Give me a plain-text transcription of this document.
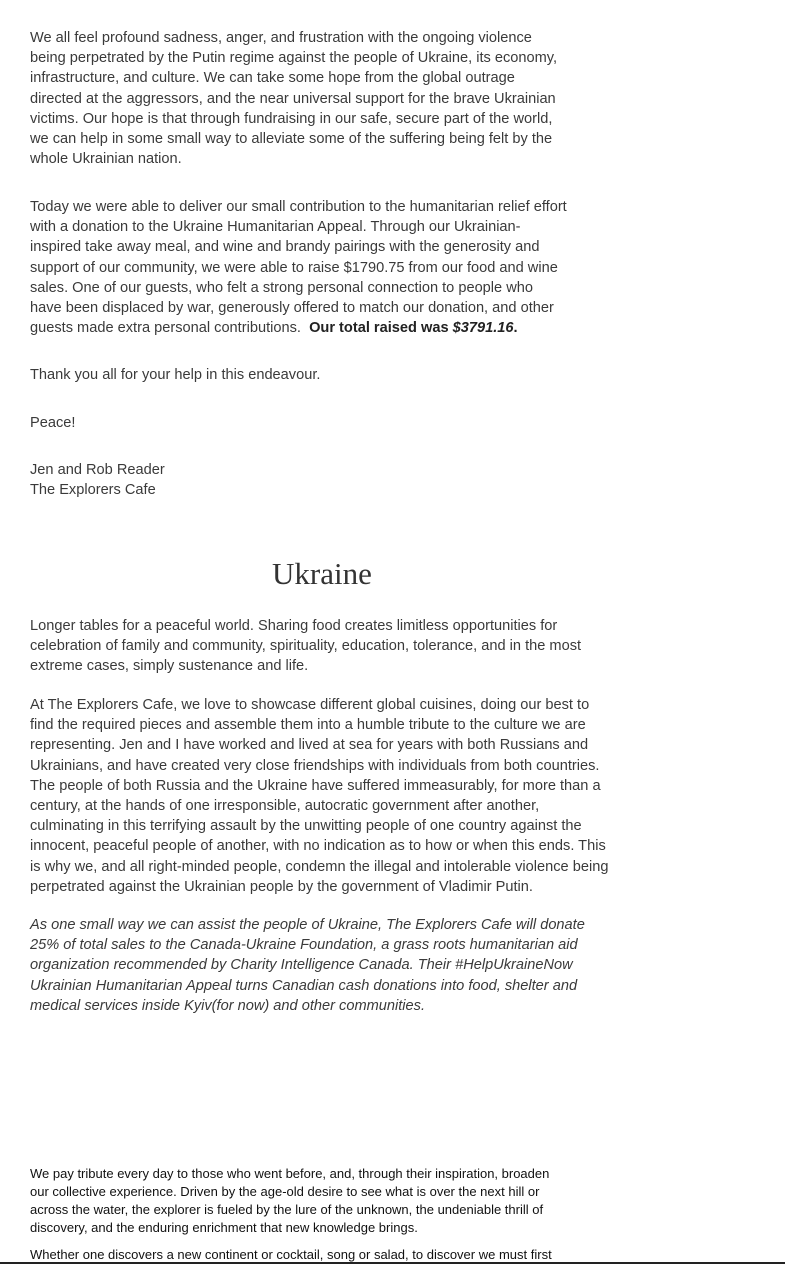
We all feel profound sadness, anger, and frustration with the ongoing violence
being perpetrated by the Putin regime against the people of Ukraine, its economy,
infrastructure, and culture. We can take some hope from the global outrage
directed at the aggressors, and the near universal support for the brave Ukrainian
victims. Our hope is that through fundraising in our safe, secure part of the world,
we can help in some small way to alleviate some of the suffering being felt by the
whole Ukrainian nation.

Today we were able to deliver our small contribution to the humanitarian relief effort
with a donation to the Ukraine Humanitarian Appeal. Through our Ukrainian-
inspired take away meal, and wine and brandy pairings with the generosity and
support of our community, we were able to raise $1790.75 from our food and wine
sales. One of our guests, who felt a strong personal connection to people who
have been displaced by war, generously offered to match our donation, and other
guests made extra personal contributions.  Our total raised was $3791.16.

Thank you all for your help in this endeavour.

Peace!

Jen and Rob Reader
The Explorers Cafe

Ukraine

Longer tables for a peaceful world. Sharing food creates limitless opportunities for
celebration of family and community, spirituality, education, tolerance, and in the most
extreme cases, simply sustenance and life.

At The Explorers Cafe, we love to showcase different global cuisines, doing our best to
find the required pieces and assemble them into a humble tribute to the culture we are
representing. Jen and I have worked and lived at sea for years with both Russians and
Ukrainians, and have created very close friendships with individuals from both countries.
The people of both Russia and the Ukraine have suffered immeasurably, for more than a
century, at the hands of one irresponsible, autocratic government after another,
culminating in this terrifying assault by the unwitting people of one country against the
innocent, peaceful people of another, with no indication as to how or when this ends. This
is why we, and all right-minded people, condemn the illegal and intolerable violence being
perpetrated against the Ukrainian people by the government of Vladimir Putin.

As one small way we can assist the people of Ukraine, The Explorers Cafe will donate
25% of total sales to the Canada-Ukraine Foundation, a grass roots humanitarian aid
organization recommended by Charity Intelligence Canada. Their #HelpUkraineNow
Ukrainian Humanitarian Appeal turns Canadian cash donations into food, shelter and
medical services inside Kyiv(for now) and other communities.

We pay tribute every day to those who went before, and, through their inspiration, broaden
our collective experience. Driven by the age-old desire to see what is over the next hill or
across the water, the explorer is fueled by the lure of the unknown, the undeniable thrill of
discovery, and the enduring enrichment that new knowledge brings.

Whether one discovers a new continent or cocktail, song or salad, to discover we must first
